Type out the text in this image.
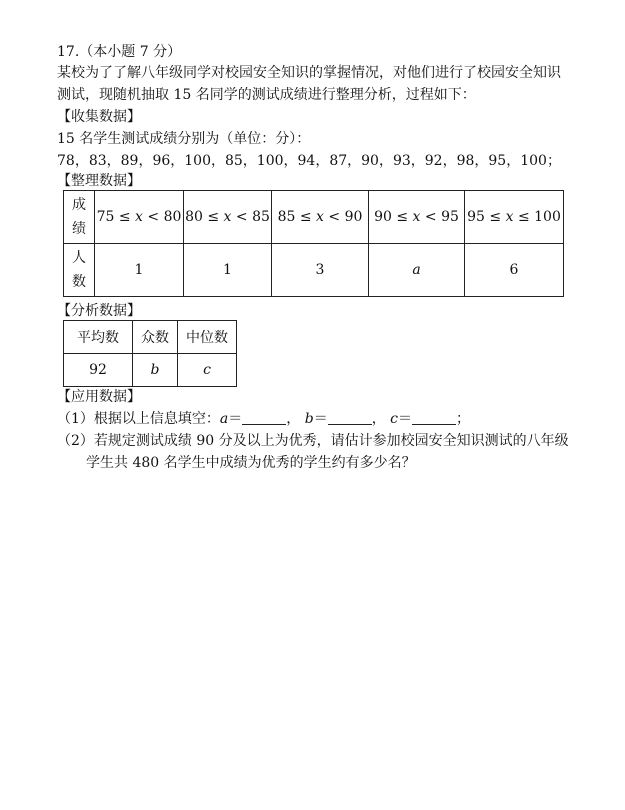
17.（本小题 7 分）
某校为了了解八年级同学对校园安全知识的掌握情况，对他们进行了校园安全知识
测试，现随机抽取 15 名同学的测试成绩进行整理分析，过程如下：
【收集数据】
15 名学生测试成绩分别为（单位：分）：
78，83，89，96，100，85，100，94，87，90，93，92，98，95，100；
【整理数据】
成
绩	75 ≤ x < 80	80 ≤ x < 85	85 ≤ x < 90	90 ≤ x < 95	95 ≤ x ≤ 100

人
数	1	1	3	a	6
【分析数据】
平均数	众数	中位数
92	b	c
【应用数据】
（1）根据以上信息填空：a＝	， b＝	， c＝	；
（2）若规定测试成绩 90 分及以上为优秀，请估计参加校园安全知识测试的八年级
学生共 480 名学生中成绩为优秀的学生约有多少名？
